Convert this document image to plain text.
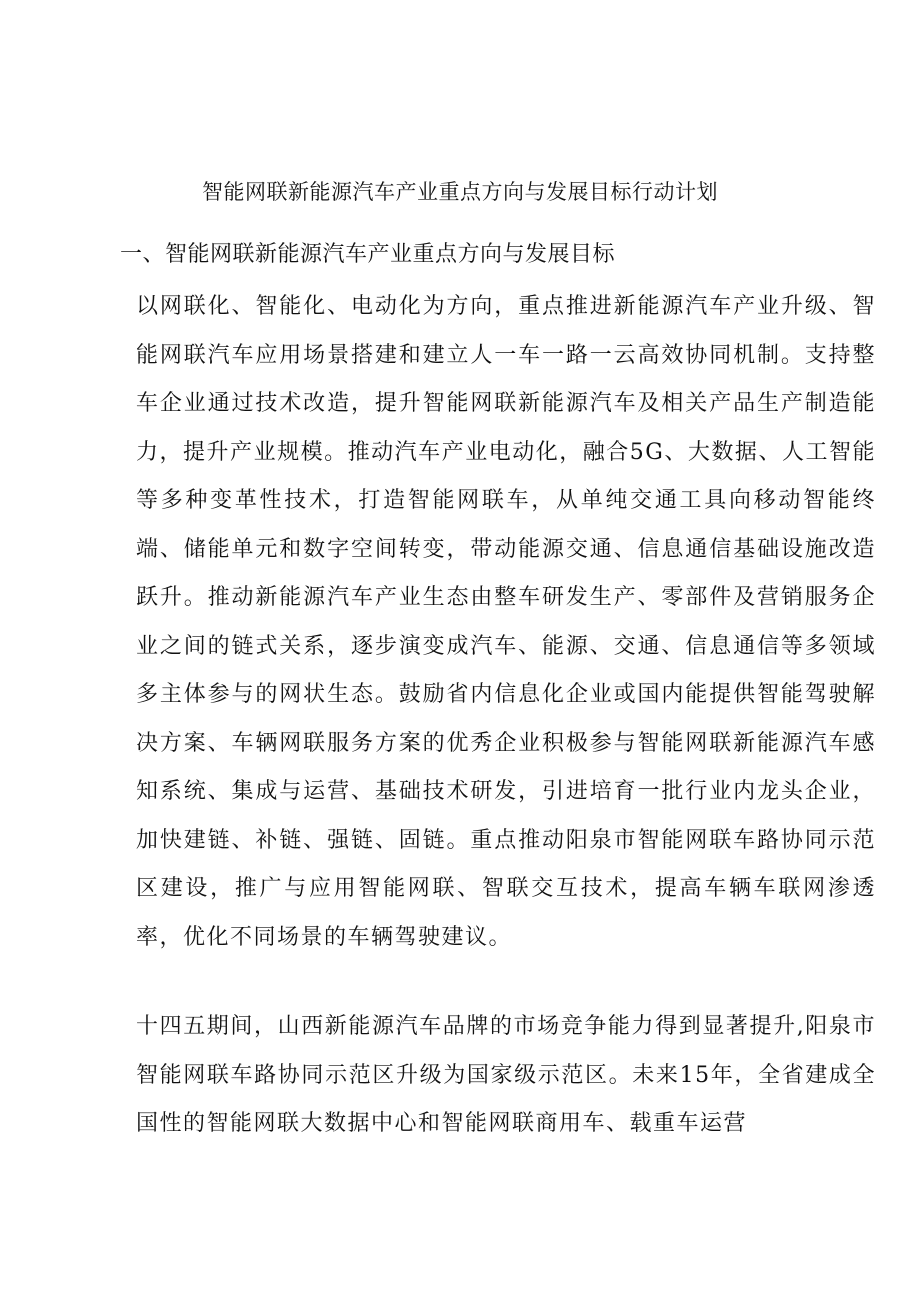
智能网联新能源汽车产业重点方向与发展目标行动计划
一、智能网联新能源汽车产业重点方向与发展目标

以网联化、智能化、电动化为方向，重点推进新能源汽车产业升级、智能网联汽车应用场景搭建和建立人一车一路一云高效协同机制。支持整车企业通过技术改造，提升智能网联新能源汽车及相关产品生产制造能力，提升产业规模。推动汽车产业电动化，融合5G、大数据、人工智能等多种变革性技术，打造智能网联车，从单纯交通工具向移动智能终端、储能单元和数字空间转变，带动能源交通、信息通信基础设施改造跃升。推动新能源汽车产业生态由整车研发生产、零部件及营销服务企业之间的链式关系，逐步演变成汽车、能源、交通、信息通信等多领域多主体参与的网状生态。鼓励省内信息化企业或国内能提供智能驾驶解决方案、车辆网联服务方案的优秀企业积极参与智能网联新能源汽车感知系统、集成与运营、基础技术研发，引进培育一批行业内龙头企业，加快建链、补链、强链、固链。重点推动阳泉市智能网联车路协同示范区建设，推广与应用智能网联、智联交互技术，提高车辆车联网渗透率，优化不同场景的车辆驾驶建议。

十四五期间，山西新能源汽车品牌的市场竞争能力得到显著提升,阳泉市智能网联车路协同示范区升级为国家级示范区。未来15年，全省建成全国性的智能网联大数据中心和智能网联商用车、载重车运营
